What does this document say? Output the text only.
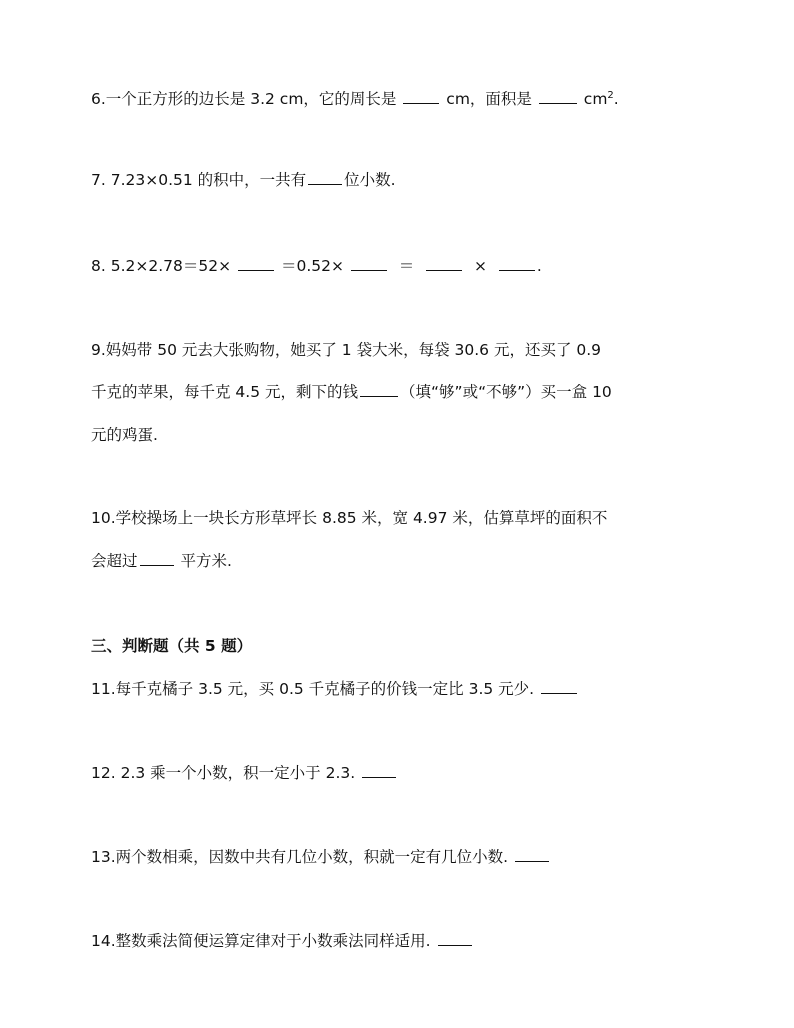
6.一个正方形的边长是 3.2 cm，它的周长是	cm，面积是	$cm^2$.
7. 7.23×0.51 的积中，一共有 位小数.
8. 5.2×2.78＝52×	＝0.52×	＝	×	.
9.妈妈带 50 元去大张购物，她买了 1 袋大米，每袋 30.6 元，还买了 0.9
千克的苹果，每千克 4.5 元，剩下的钱	（填“够”或“不够”）买一盒 10
元的鸡蛋.
10.学校操场上一块长方形草坪长 8.85 米，宽 4.97 米，估算草坪的面积不
会超过 平方米.
三、判断题（共 5 题）
11.每千克橘子 3.5 元，买 0.5 千克橘子的价钱一定比 3.5 元少.
12. 2.3 乘一个小数，积一定小于 2.3.
13.两个数相乘，因数中共有几位小数，积就一定有几位小数.
14.整数乘法简便运算定律对于小数乘法同样适用.
